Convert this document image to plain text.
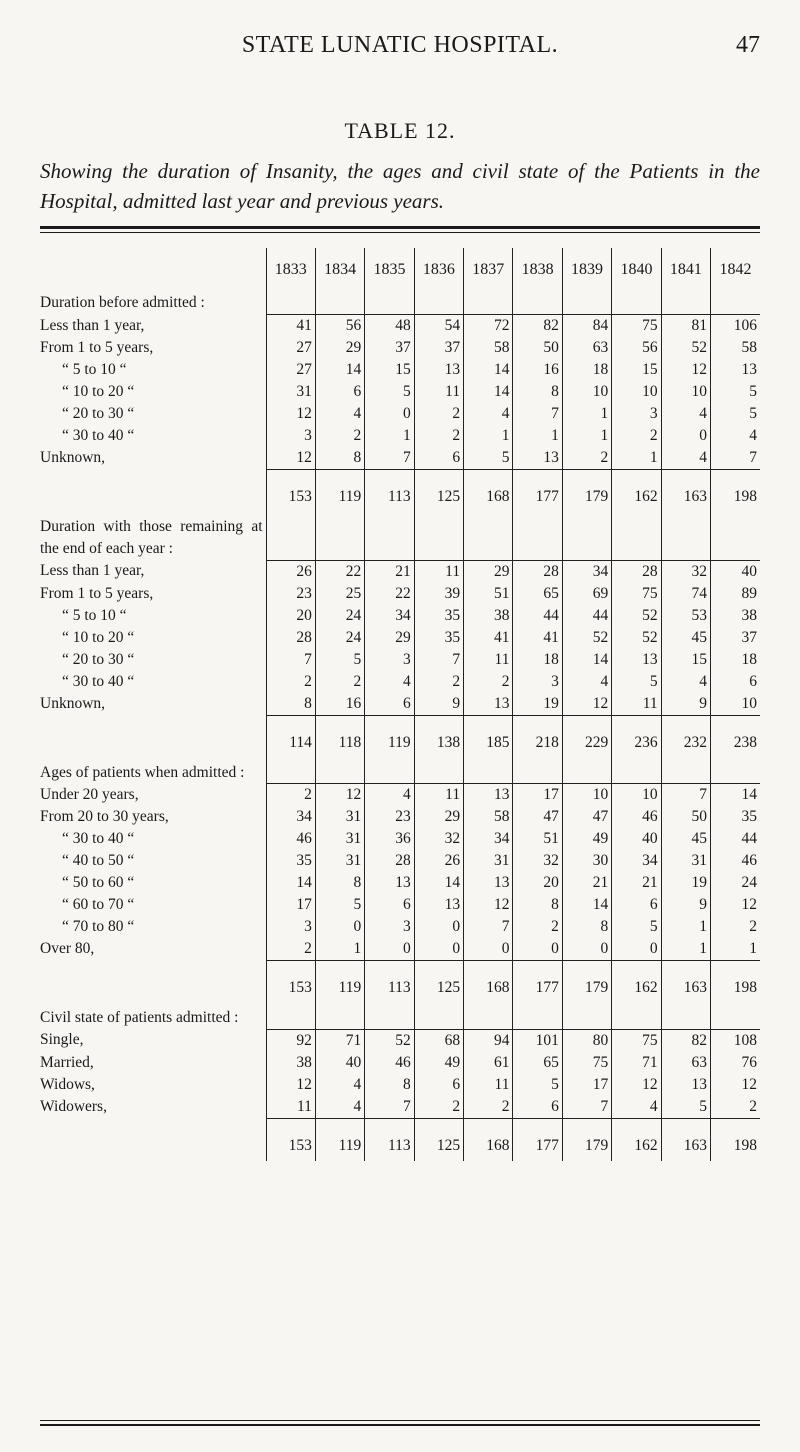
STATE LUNATIC HOSPITAL.	47
TABLE 12.
Showing the duration of Insanity, the ages and civil state of the Patients in the Hospital, admitted last year and previous years.
	1833	1834	1835	1836	1837	1838	1839	1840	1841	1842
Duration before admitted :										
Less than 1 year,	41	56	48	54	72	82	84	75	81	106
From 1 to 5 years,	27	29	37	37	58	50	63	56	52	58
“ 5 to 10 “	27	14	15	13	14	16	18	15	12	13
“ 10 to 20 “	31	6	5	11	14	8	10	10	10	5
“ 20 to 30 “	12	4	0	2	4	7	1	3	4	5
“ 30 to 40 “	3	2	1	2	1	1	1	2	0	4
Unknown,	12	8	7	6	5	13	2	1	4	7
	153	119	113	125	168	177	179	162	163	198
Duration with those remaining at the end of each year :										
Less than 1 year,	26	22	21	11	29	28	34	28	32	40
From 1 to 5 years,	23	25	22	39	51	65	69	75	74	89
“ 5 to 10 “	20	24	34	35	38	44	44	52	53	38
“ 10 to 20 “	28	24	29	35	41	41	52	52	45	37
“ 20 to 30 “	7	5	3	7	11	18	14	13	15	18
“ 30 to 40 “	2	2	4	2	2	3	4	5	4	6
Unknown,	8	16	6	9	13	19	12	11	9	10
	114	118	119	138	185	218	229	236	232	238
Ages of patients when admitted :										
Under 20 years,	2	12	4	11	13	17	10	10	7	14
From 20 to 30 years,	34	31	23	29	58	47	47	46	50	35
“ 30 to 40 “	46	31	36	32	34	51	49	40	45	44
“ 40 to 50 “	35	31	28	26	31	32	30	34	31	46
“ 50 to 60 “	14	8	13	14	13	20	21	21	19	24
“ 60 to 70 “	17	5	6	13	12	8	14	6	9	12
“ 70 to 80 “	3	0	3	0	7	2	8	5	1	2
Over 80,	2	1	0	0	0	0	0	0	1	1
	153	119	113	125	168	177	179	162	163	198
Civil state of patients admitted :										
Single,	92	71	52	68	94	101	80	75	82	108
Married,	38	40	46	49	61	65	75	71	63	76
Widows,	12	4	8	6	11	5	17	12	13	12
Widowers,	11	4	7	2	2	6	7	4	5	2
	153	119	113	125	168	177	179	162	163	198
